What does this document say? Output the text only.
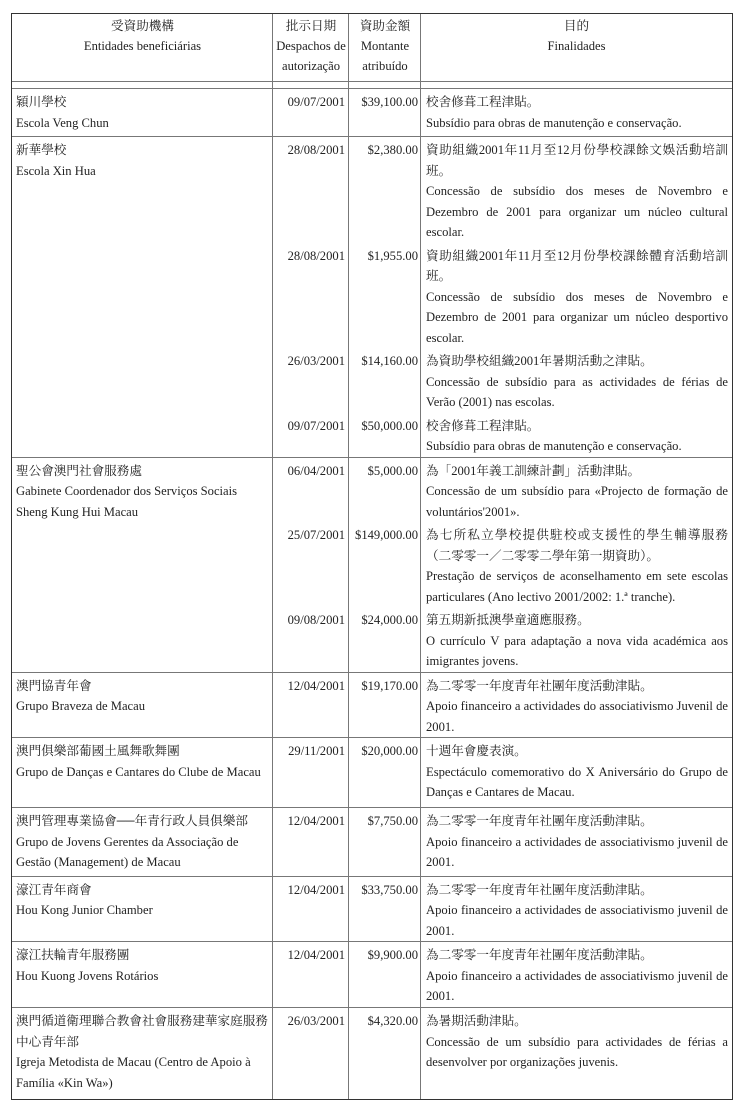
受資助機構
Entidades beneficiárias
批示日期
Despachos de autorização
資助金額
Montante atribuído
目的
Finalidades
穎川學校
Escola Veng Chun
09/07/2001	$39,100.00 校舍修葺工程津貼。
Subsídio para obras de manutenção e conservação.
新華學校
Escola Xin Hua
28/08/2001	$2,380.00 資助組織2001年11月至12月份學校課餘文娛活動培訓班。
Concessão de subsídio dos meses de Novembro e Dezembro de 2001 para organizar um núcleo cultural escolar.
28/08/2001	$1,955.00 資助組織2001年11月至12月份學校課餘體育活動培訓班。
Concessão de subsídio dos meses de Novembro e Dezembro de 2001 para organizar um núcleo desportivo escolar.
26/03/2001	$14,160.00 為資助學校組織2001年暑期活動之津貼。
Concessão de subsídio para as actividades de férias de Verão (2001) nas escolas.
09/07/2001	$50,000.00 校舍修葺工程津貼。
Subsídio para obras de manutenção e conservação.
聖公會澳門社會服務處
Gabinete Coordenador dos Serviços Sociais
Sheng Kung Hui Macau
06/04/2001	$5,000.00 為「2001年義工訓練計劃」活動津貼。
Concessão de um subsídio para «Projecto de formação de voluntários'2001».
25/07/2001 $149,000.00 為七所私立學校提供駐校或支援性的學生輔導服務（二零零一／二零零二學年第一期資助）。
Prestação de serviços de aconselhamento em sete escolas particulares (Ano lectivo 2001/2002: 1.ª tranche).
09/08/2001	$24,000.00 第五期新抵澳學童適應服務。
O currículo V para adaptação a nova vida académica aos imigrantes jovens.
澳門協青年會
Grupo Braveza de Macau
12/04/2001	$19,170.00 為二零零一年度青年社團年度活動津貼。
Apoio financeiro a actividades do associativismo Juvenil de 2001.
澳門俱樂部葡國土風舞歌舞團
Grupo de Danças e Cantares do Clube de Macau
29/11/2001	$20,000.00 十週年會慶表演。
Espectáculo comemorativo do X Aniversário do Grupo de Danças e Cantares de Macau.
澳門管理專業協會──年青行政人員俱樂部
Grupo de Jovens Gerentes da Associação de Gestão (Management) de Macau
12/04/2001	$7,750.00 為二零零一年度青年社團年度活動津貼。
Apoio financeiro a actividades de associativismo juvenil de 2001.
濠江青年商會
Hou Kong Junior Chamber
12/04/2001	$33,750.00 為二零零一年度青年社團年度活動津貼。
Apoio financeiro a actividades de associativismo juvenil de 2001.
濠江扶輪青年服務團
Hou Kuong Jovens Rotários
12/04/2001	$9,900.00 為二零零一年度青年社團年度活動津貼。
Apoio financeiro a actividades de associativismo juvenil de 2001.
澳門循道衛理聯合教會社會服務建華家庭服務中心青年部
Igreja Metodista de Macau (Centro de Apoio à Família «Kin Wa»)
26/03/2001	$4,320.00 為暑期活動津貼。
Concessão de um subsídio para actividades de férias a desenvolver por organizações juvenis.
